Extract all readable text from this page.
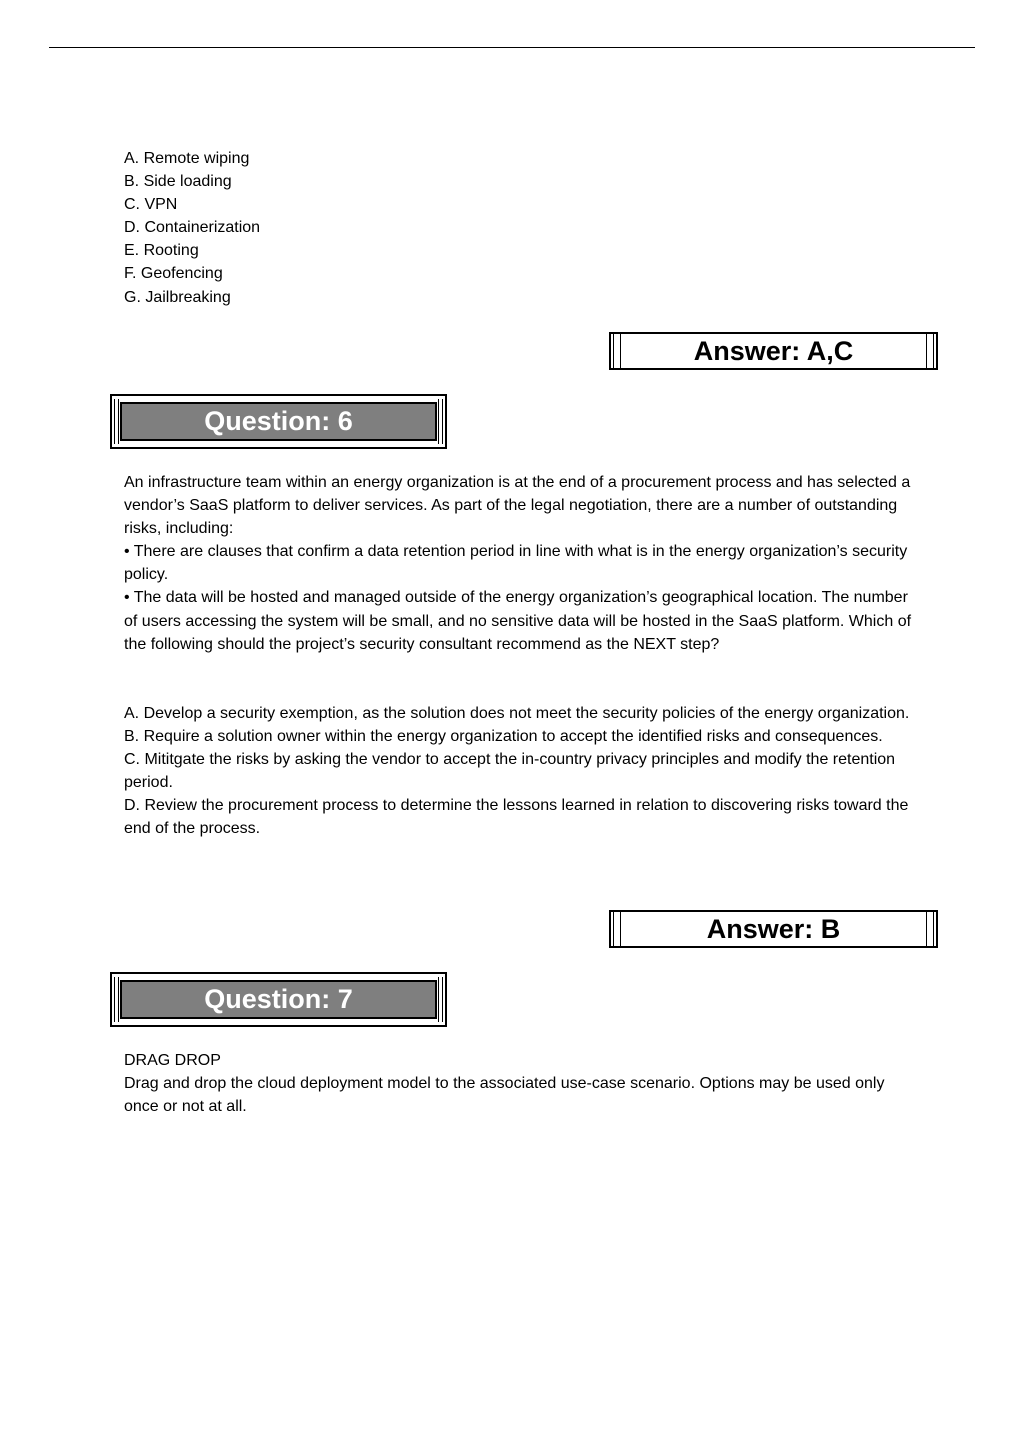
A. Remote wiping
B. Side loading
C. VPN
D. Containerization
E. Rooting
F. Geofencing
G. Jailbreaking
Answer: A,C
Question: 6

An infrastructure team within an energy organization is at the end of a procurement process and has selected a vendor’s SaaS platform to deliver services. As part of the legal negotiation, there are a number of outstanding risks, including:

• There are clauses that confirm a data retention period in line with what is in the energy organization’s security policy.

• The data will be hosted and managed outside of the energy organization’s geographical location. The number of users accessing the system will be small, and no sensitive data will be hosted in the SaaS platform. Which of the following should the project’s security consultant recommend as the NEXT step?

A. Develop a security exemption, as the solution does not meet the security policies of the energy organization.

B. Require a solution owner within the energy organization to accept the identified risks and consequences.

C. Mititgate the risks by asking the vendor to accept the in-country privacy principles and modify the retention period.

D. Review the procurement process to determine the lessons learned in relation to discovering risks toward the end of the process.

Answer: B
Question: 7

DRAG DROP

Drag and drop the cloud deployment model to the associated use-case scenario. Options may be used only once or not at all.
